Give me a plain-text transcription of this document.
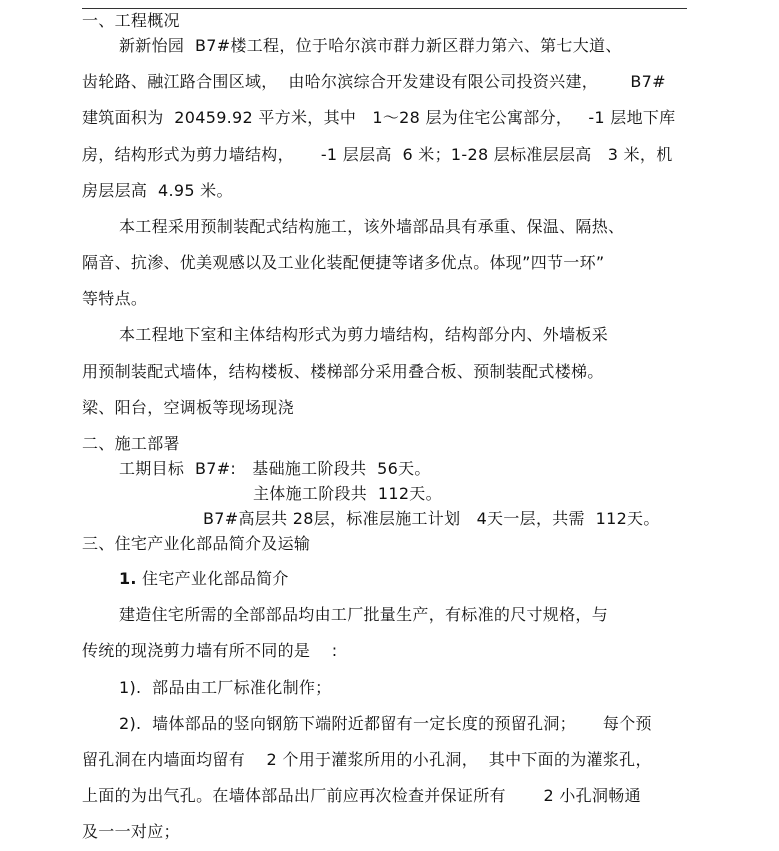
一、工程概况
新新怡园  B7#楼工程，位于哈尔滨市群力新区群力第六、第七大道、
齿轮路、融江路合围区域，  由哈尔滨综合开发建设有限公司投资兴建，      B7#
建筑面积为  20459.92 平方米，其中   1～28 层为住宅公寓部分，   -1 层地下库
房，结构形式为剪力墙结构，     -1 层层高  6 米；1-28 层标准层层高   3 米，机
房层层高  4.95 米。
本工程采用预制装配式结构施工，该外墙部品具有承重、保温、隔热、
隔音、抗渗、优美观感以及工业化装配便捷等诸多优点。体现”四节一环”
等特点。
本工程地下室和主体结构形式为剪力墙结构，结构部分内、外墙板采
用预制装配式墙体，结构楼板、楼梯部分采用叠合板、预制装配式楼梯。
梁、阳台，空调板等现场现浇
二、施工部署
工期目标  B7#:   基础施工阶段共  56天。
主体施工阶段共  112天。
B7#高层共 28层，标准层施工计划   4天一层，共需  112天。
三、住宅产业化部品简介及运输
1. 住宅产业化部品简介
建造住宅所需的全部部品均由工厂批量生产，有标准的尺寸规格，与
传统的现浇剪力墙有所不同的是    :
1).  部品由工厂标准化制作；
2).  墙体部品的竖向钢筋下端附近都留有一定长度的预留孔洞；     每个预
留孔洞在内墙面均留有    2 个用于灌浆所用的小孔洞，  其中下面的为灌浆孔，
上面的为出气孔。在墙体部品出厂前应再次检查并保证所有       2 小孔洞畅通
及一一对应；
